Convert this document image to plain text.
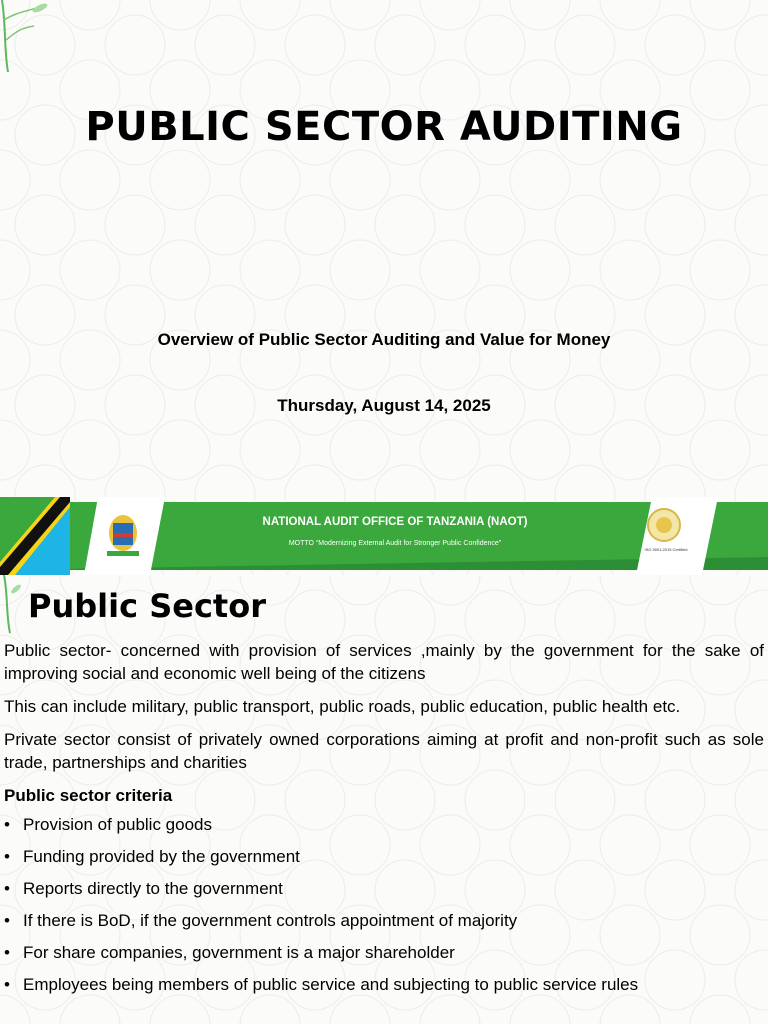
PUBLIC SECTOR AUDITING
Overview of Public Sector Auditing and Value for Money
Thursday, August 14, 2025
NATIONAL AUDIT OFFICE OF TANZANIA (NAOT)
MOTTO “Modernizing External Audit for Stronger Public Confidence”
ISO 9001:2015 Certified
Public Sector

Public sector- concerned with provision of services ,mainly by the government for the sake of improving social and economic well being of the citizens

This can include military, public transport, public roads, public education, public health etc.

Private sector consist of privately owned corporations aiming at profit and non-profit such as sole trade, partnerships and charities

Public sector criteria

• Provision of public goods
• Funding provided by the government
• Reports directly to the government
• If there is BoD, if the government controls appointment of majority
• For share companies, government is a major shareholder
• Employees being members of public service and subjecting to public service rules
